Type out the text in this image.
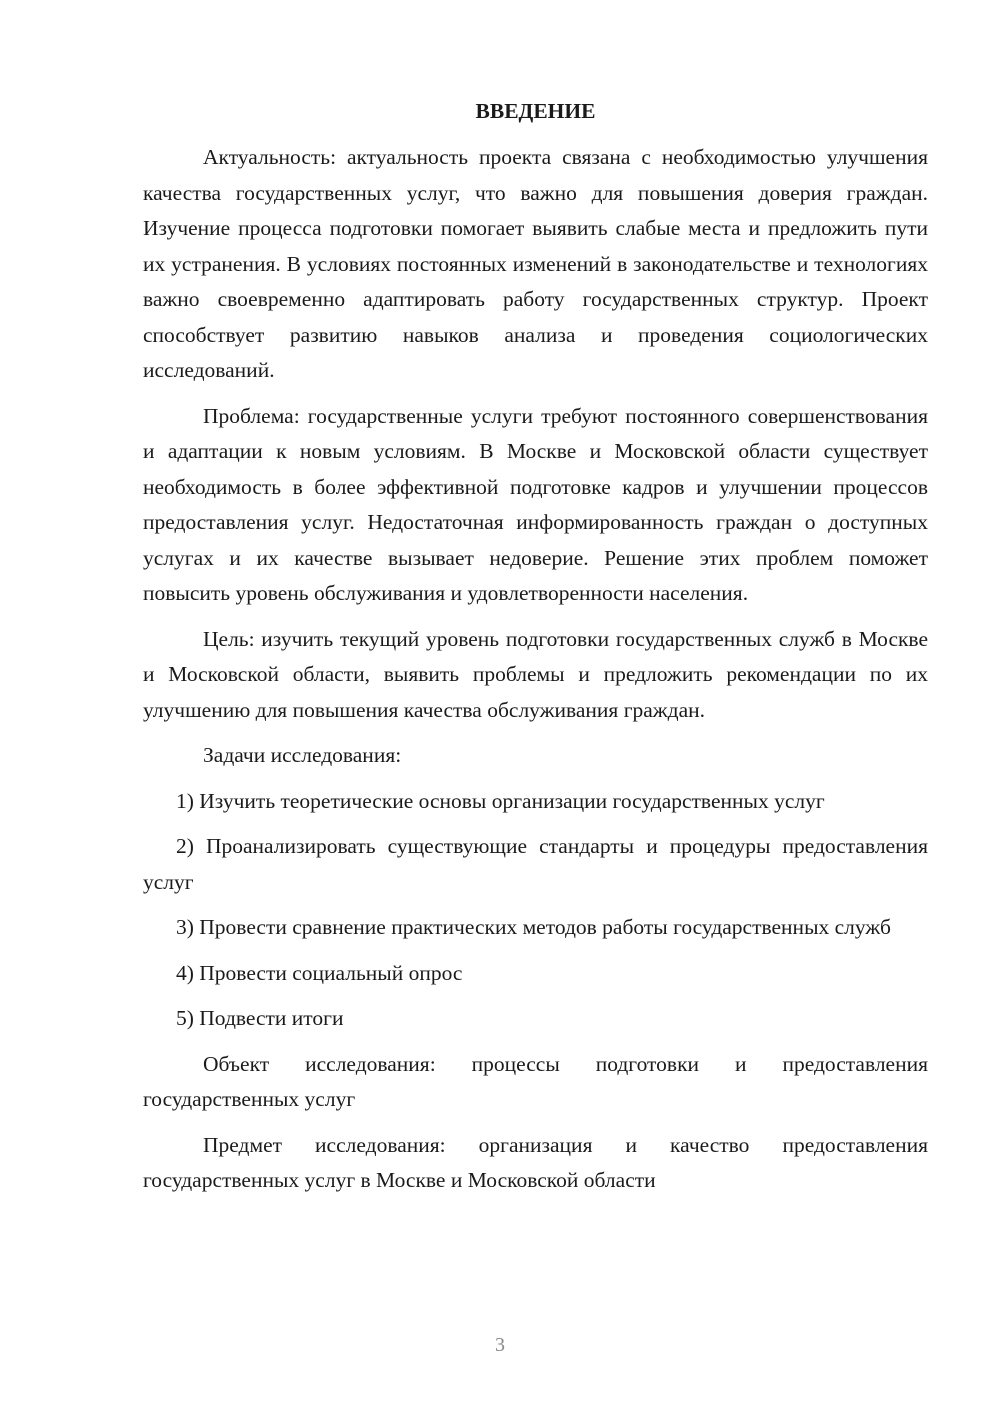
ВВЕДЕНИЕ

Актуальность: актуальность проекта связана с необходимостью улучшения качества государственных услуг, что важно для повышения доверия граждан. Изучение процесса подготовки помогает выявить слабые места и предложить пути их устранения. В условиях постоянных изменений в законодательстве и технологиях важно своевременно адаптировать работу государственных структур. Проект способствует развитию навыков анализа и проведения социологических исследований.

Проблема: государственные услуги требуют постоянного совершенствования и адаптации к новым условиям. В Москве и Московской области существует необходимость в более эффективной подготовке кадров и улучшении процессов предоставления услуг. Недостаточная информированность граждан о доступных услугах и их качестве вызывает недоверие. Решение этих проблем поможет повысить уровень обслуживания и удовлетворенности населения.

Цель: изучить текущий уровень подготовки государственных служб в Москве и Московской области, выявить проблемы и предложить рекомендации по их улучшению для повышения качества обслуживания граждан.

Задачи исследования:

1) Изучить теоретические основы организации государственных услуг

2) Проанализировать существующие стандарты и процедуры предоставления услуг

3) Провести сравнение практических методов работы государственных служб

4) Провести социальный опрос

5) Подвести итоги

Объект исследования: процессы подготовки и предоставления государственных услуг

Предмет исследования: организация и качество предоставления государственных услуг в Москве и Московской области

3
